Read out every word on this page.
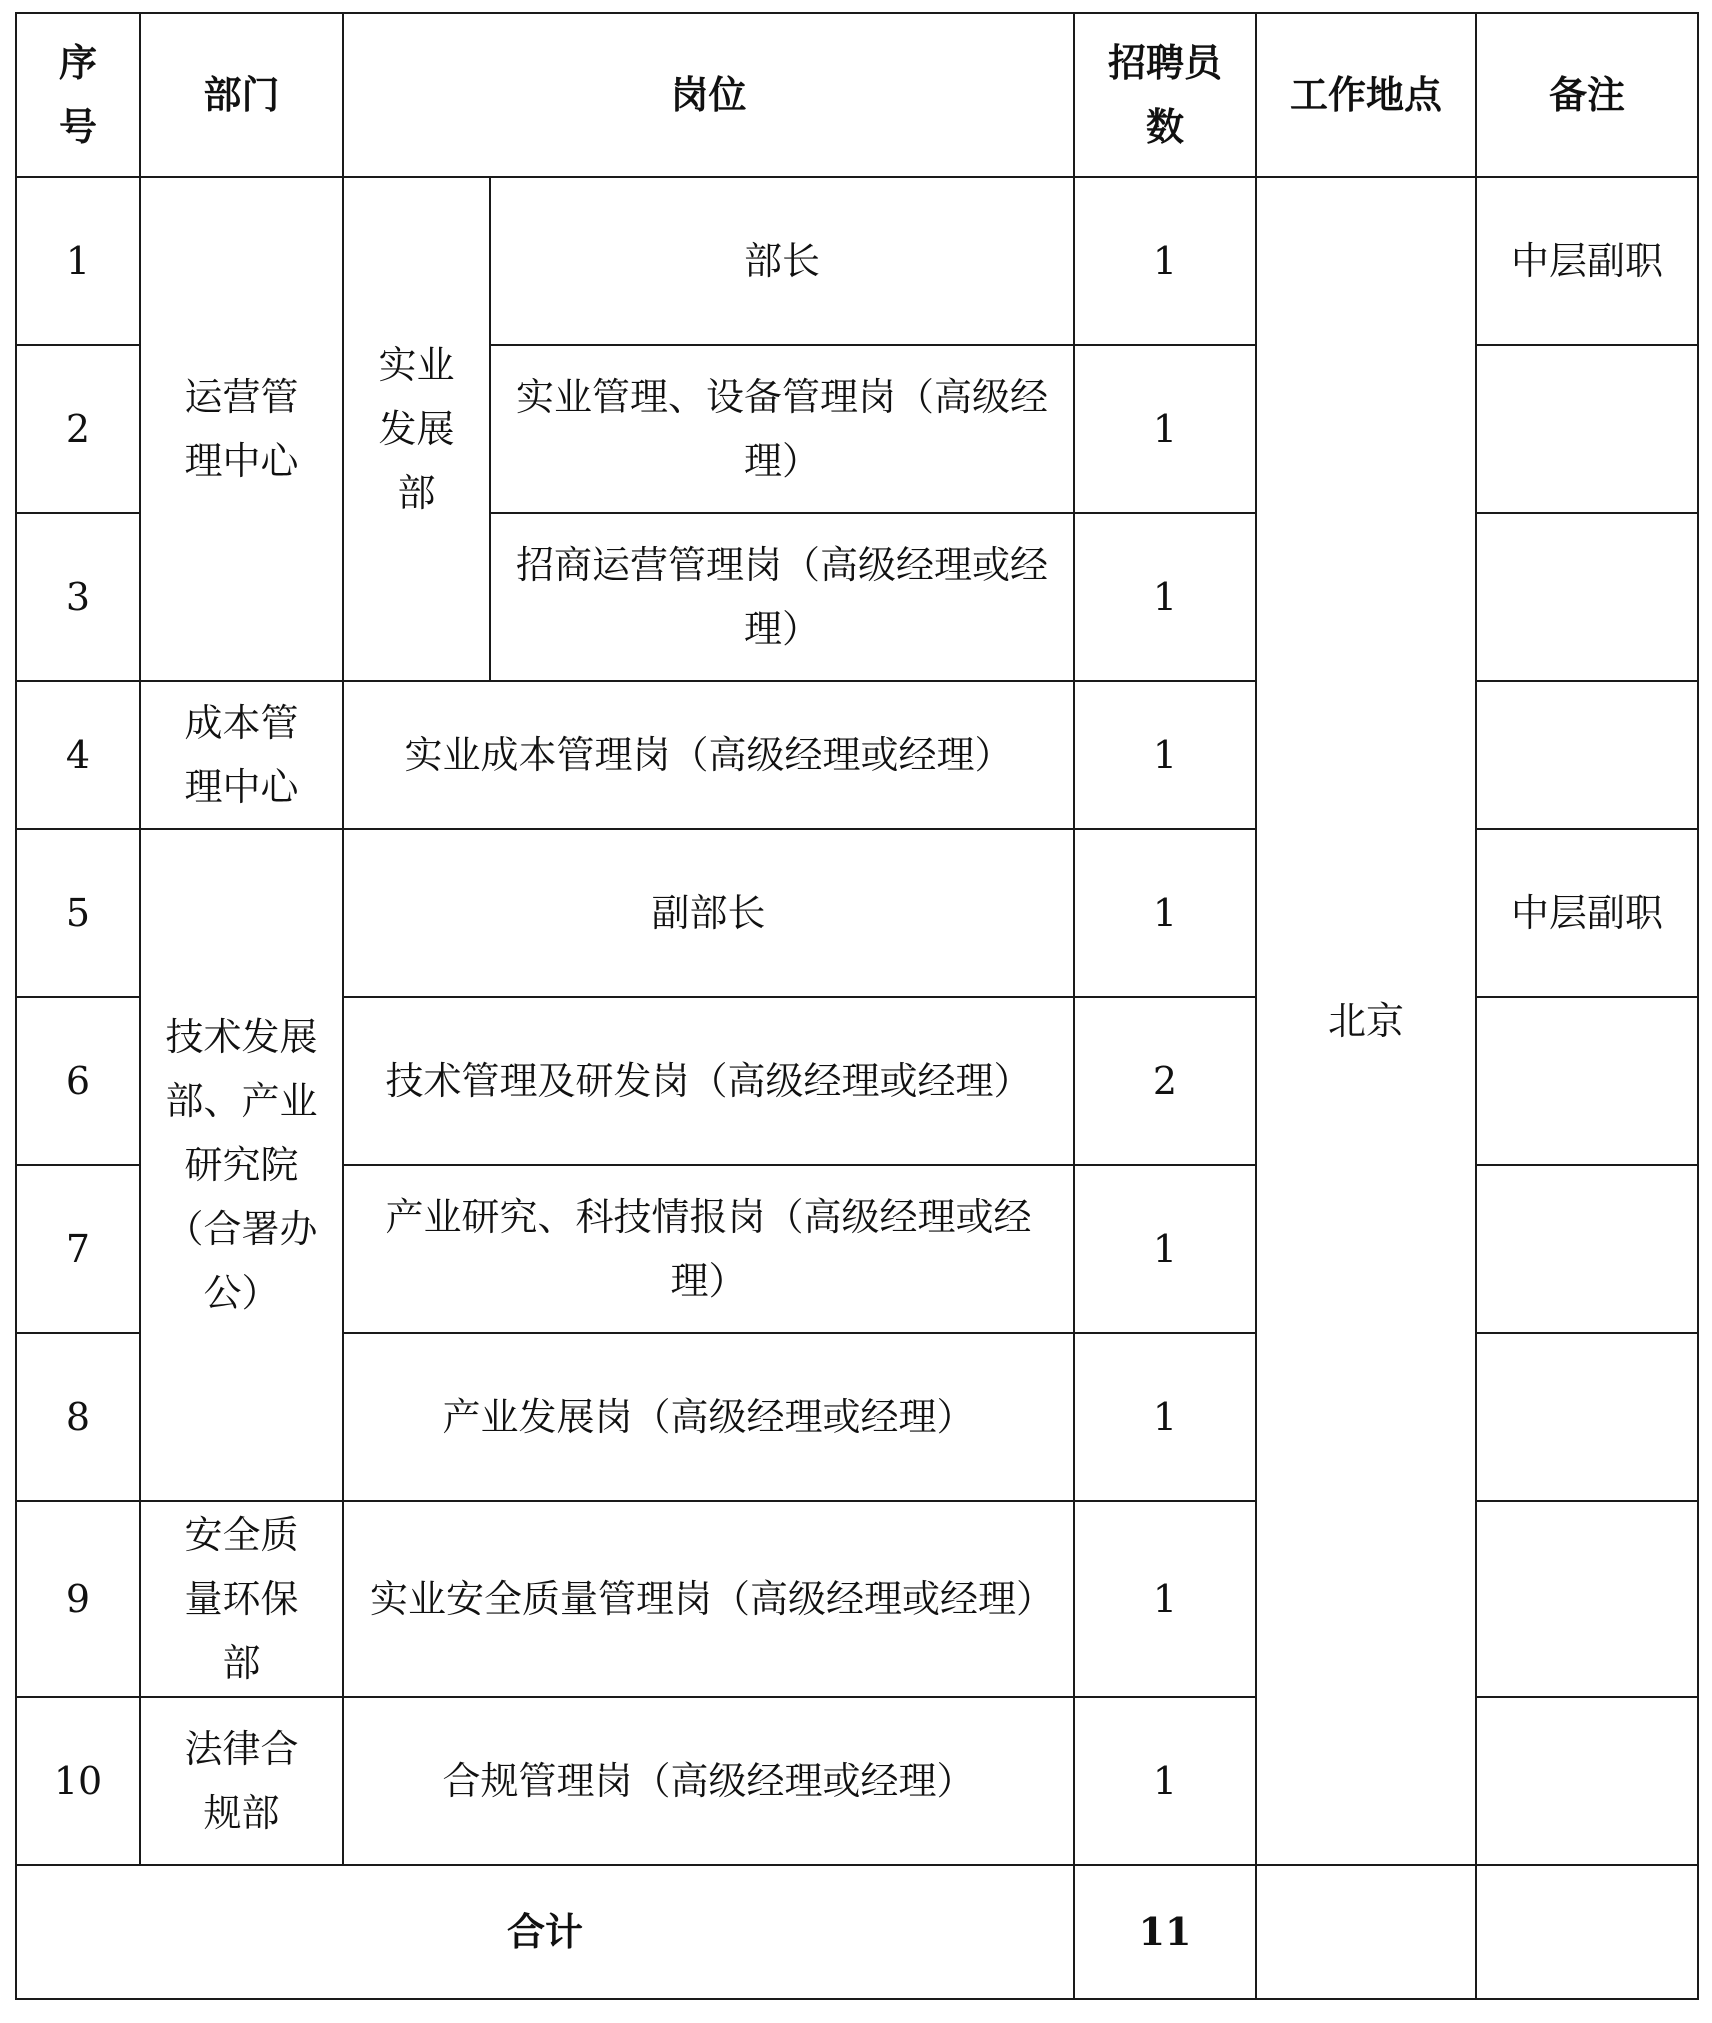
序号	部门	岗位		招聘员数	工作地点	备注
1	运营管理中心	实业发展部	部长	1	北京	中层副职
2			实业管理、设备管理岗（高级经理）	1		
3			招商运营管理岗（高级经理或经理）	1		
4	成本管理中心	实业成本管理岗（高级经理或经理）		1		
5	技术发展部、产业研究院（合署办公）	副部长		1		中层副职
6		技术管理及研发岗（高级经理或经理）		2		
7		产业研究、科技情报岗（高级经理或经理）		1		
8		产业发展岗（高级经理或经理）		1		
9	安全质量环保部	实业安全质量管理岗（高级经理或经理）		1		
10	法律合规部	合规管理岗（高级经理或经理）		1		
合计				11		
